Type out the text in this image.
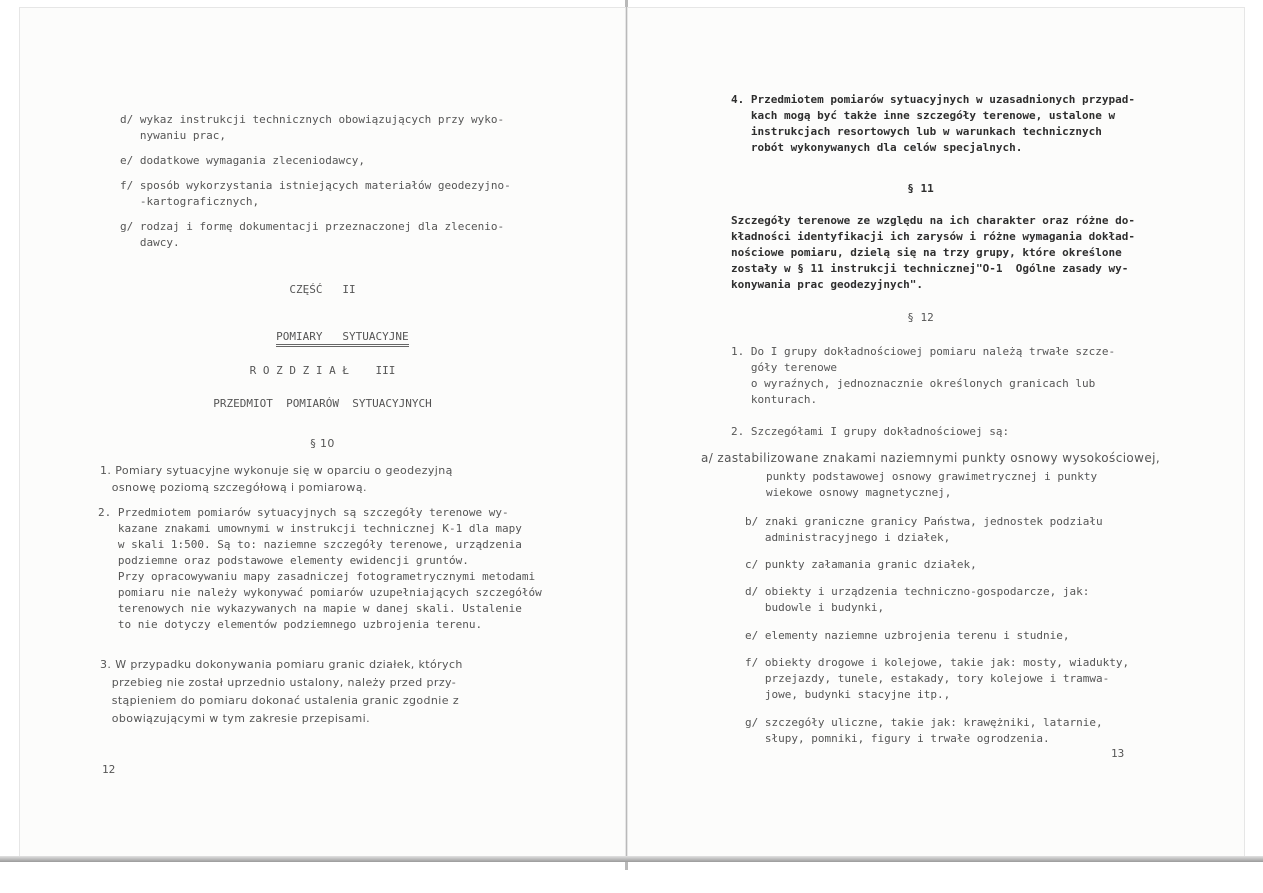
d/ wykaz instrukcji technicznych obowiązujących przy wyko-
nywaniu prac,
e/ dodatkowe wymagania zleceniodawcy,
f/ sposób wykorzystania istniejących materiałów geodezyjno-
-kartograficznych,
g/ rodzaj i formę dokumentacji przeznaczonej dla zlecenio-
dawcy.
CZĘŚĆ   II

POMIARY   SYTUACYJNE

R O Z D Z I A Ł    III
PRZEDMIOT  POMIARÓW  SYTUACYJNYCH
§ 10
1. Pomiary sytuacyjne wykonuje się w oparciu o geodezyjną
osnowę poziomą szczegółową i pomiarową.
2. Przedmiotem pomiarów sytuacyjnych są szczegóły terenowe wy-
kazane znakami umownymi w instrukcji technicznej K-1 dla mapy
w skali 1:500. Są to: naziemne szczegóły terenowe, urządzenia
podziemne oraz podstawowe elementy ewidencji gruntów.
Przy opracowywaniu mapy zasadniczej fotogrametrycznymi metodami
pomiaru nie należy wykonywać pomiarów uzupełniających szczegółów
terenowych nie wykazywanych na mapie w danej skali. Ustalenie
to nie dotyczy elementów podziemnego uzbrojenia terenu.
3. W przypadku dokonywania pomiaru granic działek, których
przebieg nie został uprzednio ustalony, należy przed przy-
stąpieniem do pomiaru dokonać ustalenia granic zgodnie z
obowiązującymi w tym zakresie przepisami.
12
4. Przedmiotem pomiarów sytuacyjnych w uzasadnionych przypad-
kach mogą być także inne szczegóły terenowe, ustalone w
instrukcjach resortowych lub w warunkach technicznych
robót wykonywanych dla celów specjalnych.
§ 11
Szczegóły terenowe ze względu na ich charakter oraz różne do-
kładności identyfikacji ich zarysów i różne wymagania dokład-
nościowe pomiaru, dzielą się na trzy grupy, które określone
zostały w § 11 instrukcji technicznej"O-1  Ogólne zasady wy-
konywania prac geodezyjnych".
§ 12
1. Do I grupy dokładnościowej pomiaru należą trwałe szcze-
góły terenowe
o wyraźnych, jednoznacznie określonych granicach lub
konturach.
2. Szczegółami I grupy dokładnościowej są:
a/ zastabilizowane znakami naziemnymi punkty osnowy wysokościowej,
punkty podstawowej osnowy grawimetrycznej i punkty
wiekowe osnowy magnetycznej,
b/ znaki graniczne granicy Państwa, jednostek podziału
administracyjnego i działek,
c/ punkty załamania granic działek,
d/ obiekty i urządzenia techniczno-gospodarcze, jak:
budowle i budynki,
e/ elementy naziemne uzbrojenia terenu i studnie,
f/ obiekty drogowe i kolejowe, takie jak: mosty, wiadukty,
przejazdy, tunele, estakady, tory kolejowe i tramwa-
jowe, budynki stacyjne itp.,
g/ szczegóły uliczne, takie jak: krawężniki, latarnie,
słupy, pomniki, figury i trwałe ogrodzenia.
13
